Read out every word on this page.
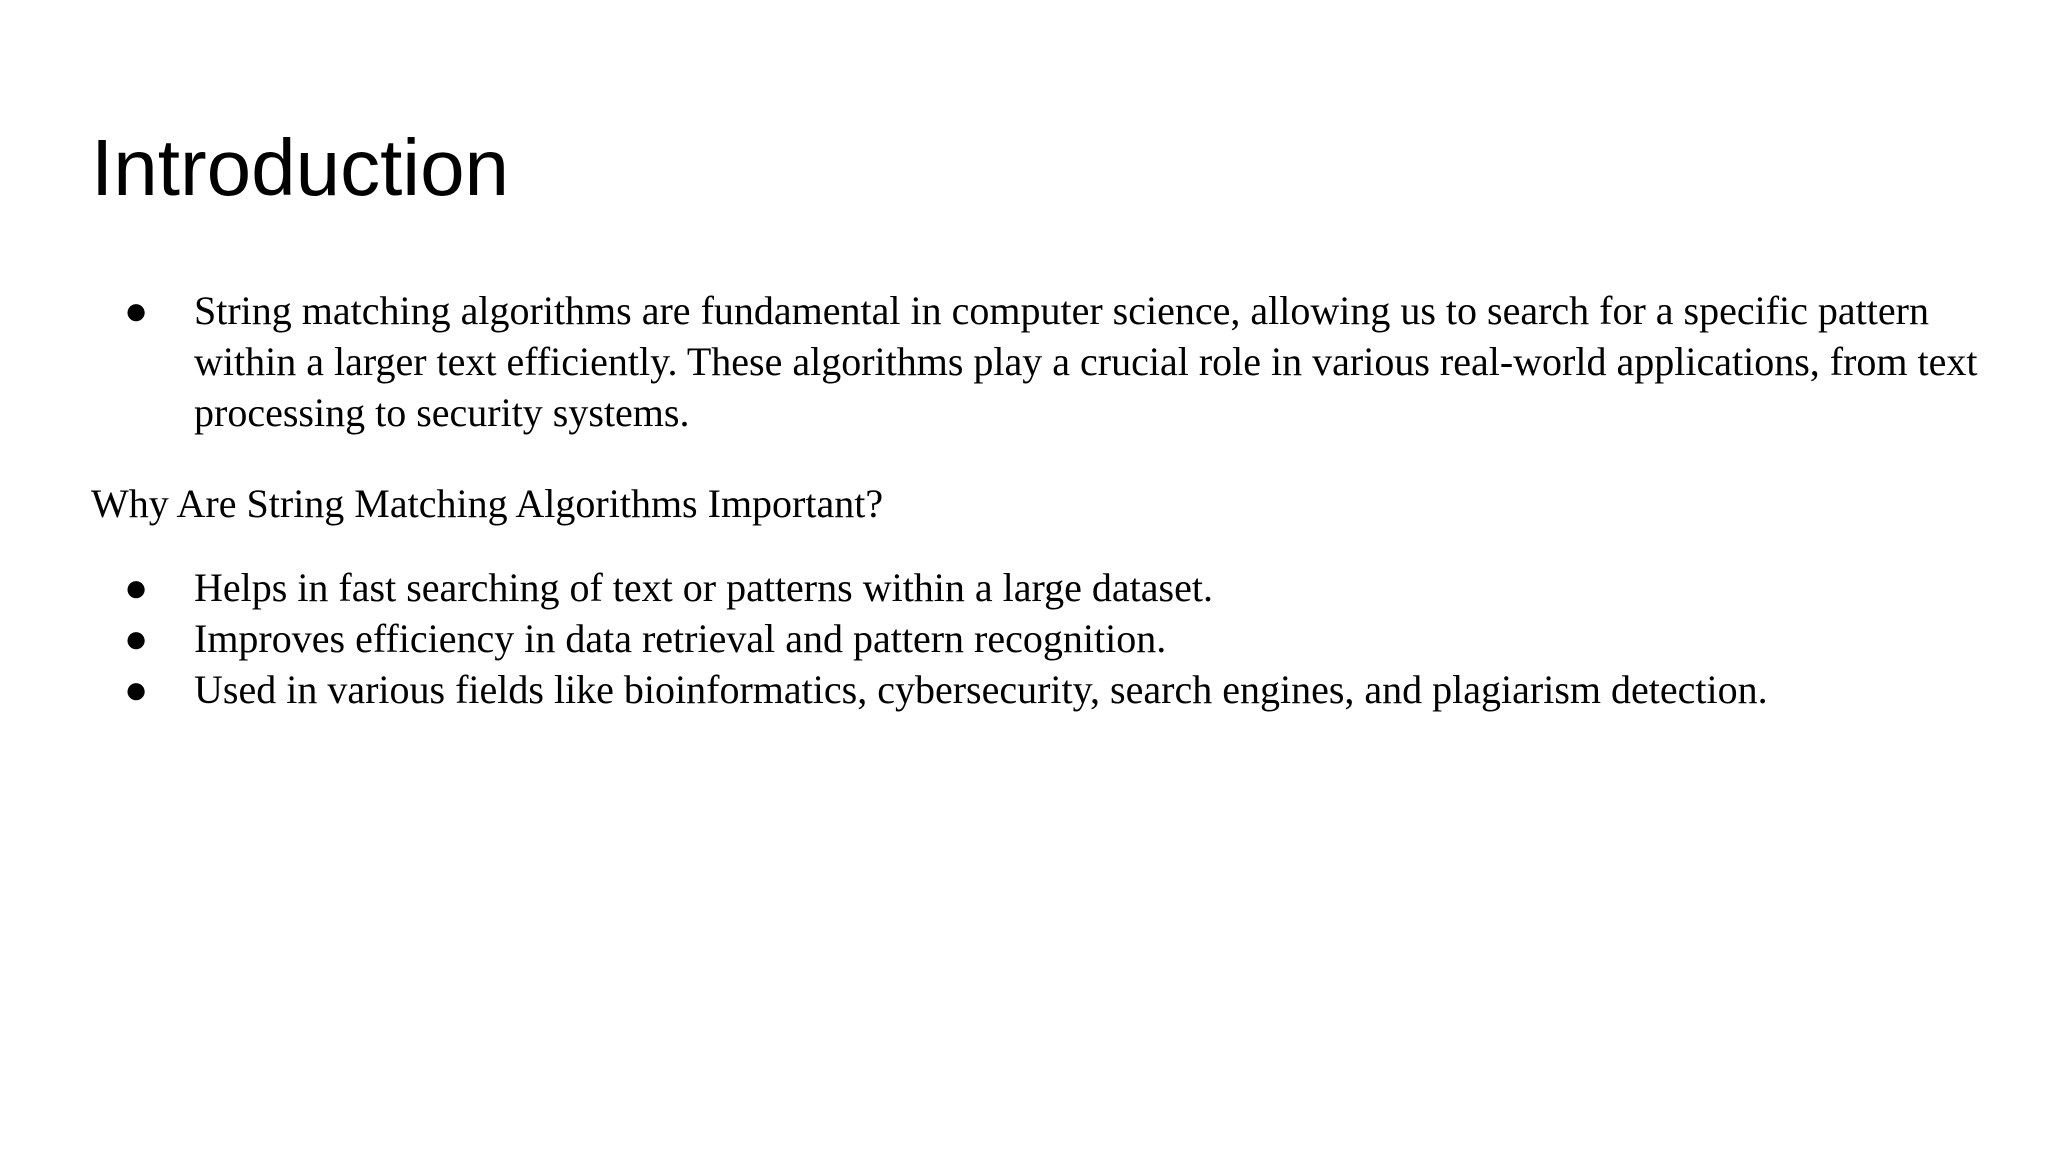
Introduction
● String matching algorithms are fundamental in computer science, allowing us to search for a specific pattern within a larger text efficiently. These algorithms play a crucial role in various real-world applications, from text processing to security systems.

Why Are String Matching Algorithms Important?

● Helps in fast searching of text or patterns within a large dataset.
● Improves efficiency in data retrieval and pattern recognition.
● Used in various fields like bioinformatics, cybersecurity, search engines, and plagiarism detection.
